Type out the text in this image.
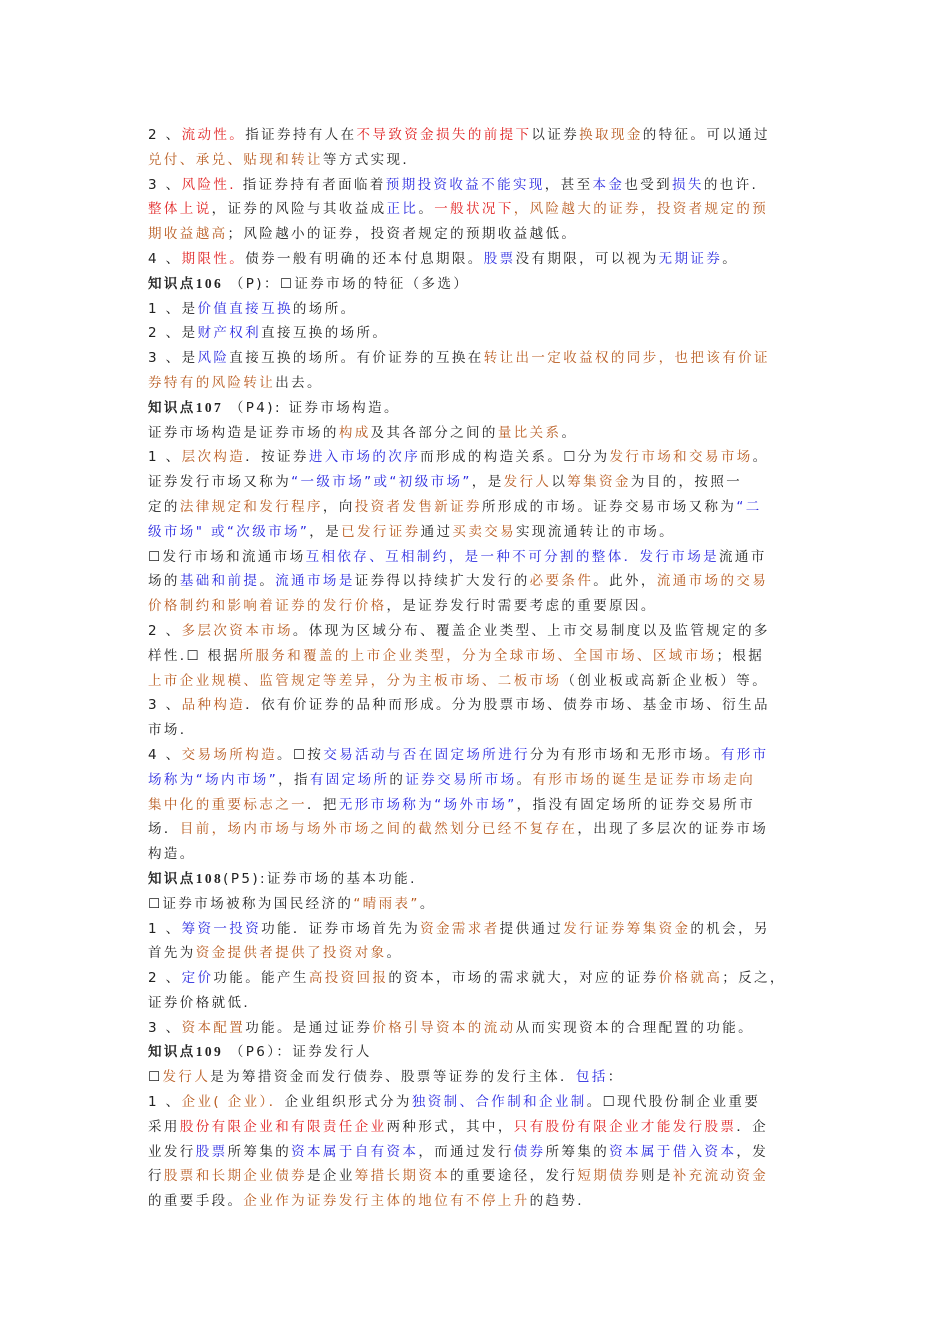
2 、流动性。指证券持有人在不导致资金损失的前提下以证券换取现金的特征。可以通过
兑付、承兑、贴现和转让等方式实现.
3 、风险性. 指证券持有者面临着预期投资收益不能实现，甚至本金也受到损失的也许.
整体上说，证券的风险与其收益成正比。一般状况下，风险越大的证券，投资者规定的预
期收益越高；风险越小的证券，投资者规定的预期收益越低。
4 、期限性。债券一般有明确的还本付息期限。股票没有期限，可以视为无期证券。
知识点106 （P)：☐证券市场的特征（多选）
1 、是价值直接互换的场所。
2 、是财产权利直接互换的场所。
3 、是风险直接互换的场所。有价证券的互换在转让出一定收益权的同步，也把该有价证
券特有的风险转让出去。
知识点107 （P4): 证券市场构造。
证券市场构造是证券市场的构成及其各部分之间的量比关系。
1 、层次构造．按证券进入市场的次序而形成的构造关系。☐分为发行市场和交易市场。
证券发行市场又称为“一级市场”或“初级市场”，是发行人以筹集资金为目的，按照一
定的法律规定和发行程序，向投资者发售新证券所形成的市场。证券交易市场又称为“二
级市场" 或“次级市场”，是已发行证券通过买卖交易实现流通转让的市场。
☐发行市场和流通市场互相依存、互相制约，是一种不可分割的整体．发行市场是流通市
场的基础和前提。流通市场是证券得以持续扩大发行的必要条件。此外，流通市场的交易
价格制约和影响着证券的发行价格，是证券发行时需要考虑的重要原因。
2 、多层次资本市场。体现为区域分布、覆盖企业类型、上市交易制度以及监管规定的多
样性.☐ 根据所服务和覆盖的上市企业类型，分为全球市场、全国市场、区域市场；根据
上市企业规模、监管规定等差异，分为主板市场、二板市场（创业板或高新企业板）等。
3 、品种构造．依有价证券的品种而形成。分为股票市场、债券市场、基金市场、衍生品
市场.
4 、交易场所构造。☐按交易活动与否在固定场所进行分为有形市场和无形市场。有形市
场称为“场内市场”，指有固定场所的证券交易所市场。有形市场的诞生是证券市场走向
集中化的重要标志之一．把无形市场称为“场外市场”，指没有固定场所的证券交易所市
场．目前，场内市场与场外市场之间的截然划分已经不复存在，出现了多层次的证券市场
构造。
知识点108(P5):证券市场的基本功能.
☐证券市场被称为国民经济的“晴雨表”。
1 、筹资一投资功能．证券市场首先为资金需求者提供通过发行证券筹集资金的机会，另
首先为资金提供者提供了投资对象。
2 、定价功能。能产生高投资回报的资本，市场的需求就大，对应的证券价格就高；反之，
证券价格就低.
3 、资本配置功能。是通过证券价格引导资本的流动从而实现资本的合理配置的功能。
知识点109 （P6）：证券发行人
☐发行人是为筹措资金而发行债券、股票等证券的发行主体．包括：
1 、企业( 企业）．企业组织形式分为独资制、合作制和企业制。☐现代股份制企业重要
采用股份有限企业和有限责任企业两种形式，其中，只有股份有限企业才能发行股票．企
业发行股票所筹集的资本属于自有资本，而通过发行债券所筹集的资本属于借入资本，发
行股票和长期企业债券是企业筹措长期资本的重要途径，发行短期债券则是补充流动资金
的重要手段。企业作为证券发行主体的地位有不停上升的趋势.
